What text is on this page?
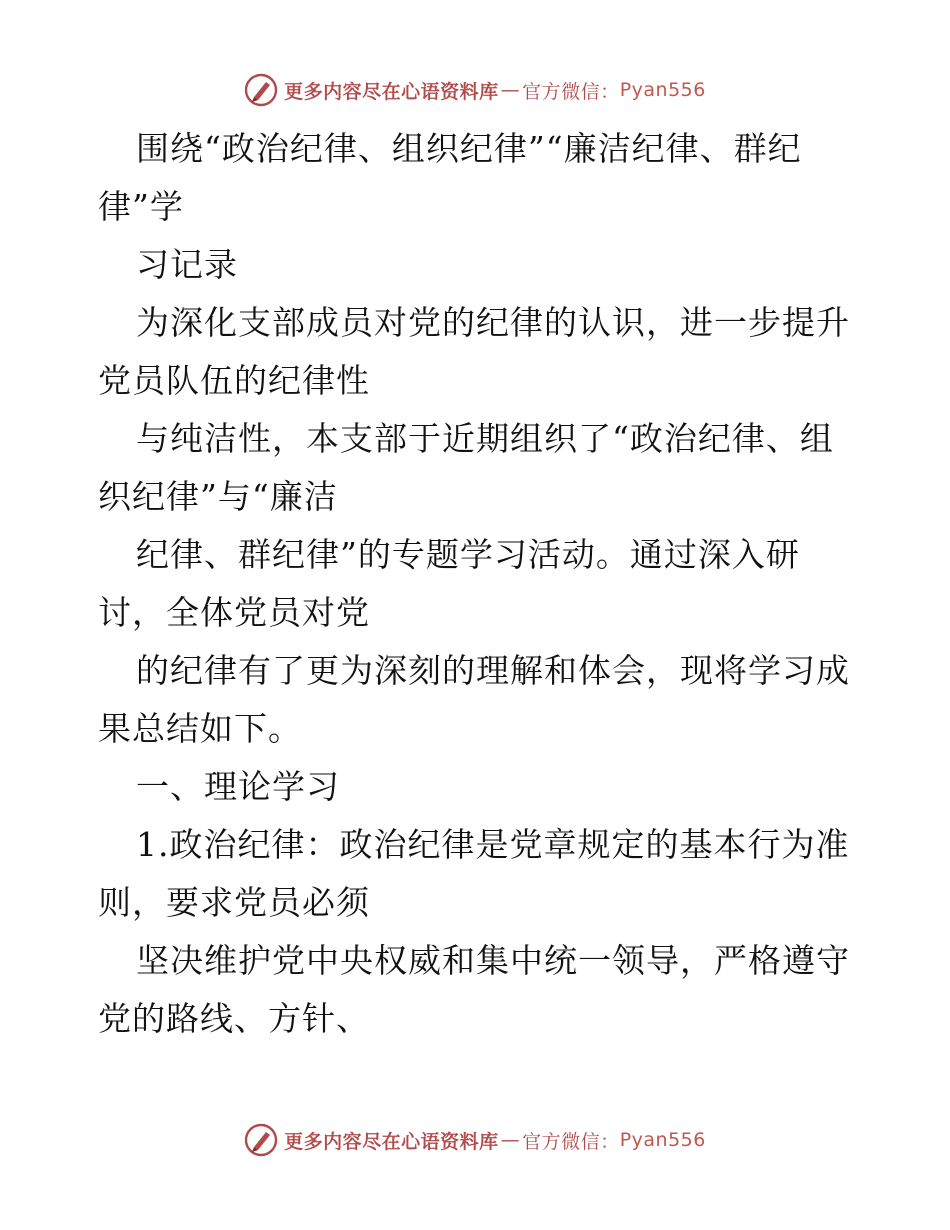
更多内容尽在心语资料库 — 官方微信： Pyan556

围绕“政治纪律、组织纪律”“廉洁纪律、群纪律”学

习记录

为深化支部成员对党的纪律的认识，进一步提升党员队伍的纪律性

与纯洁性，本支部于近期组织了“政治纪律、组织纪律”与“廉洁

纪律、群纪律”的专题学习活动。通过深入研讨，全体党员对党

的纪律有了更为深刻的理解和体会，现将学习成果总结如下。

一、理论学习

1.政治纪律：政治纪律是党章规定的基本行为准则，要求党员必须

坚决维护党中央权威和集中统一领导，严格遵守党的路线、方针、

更多内容尽在心语资料库 — 官方微信： Pyan556
